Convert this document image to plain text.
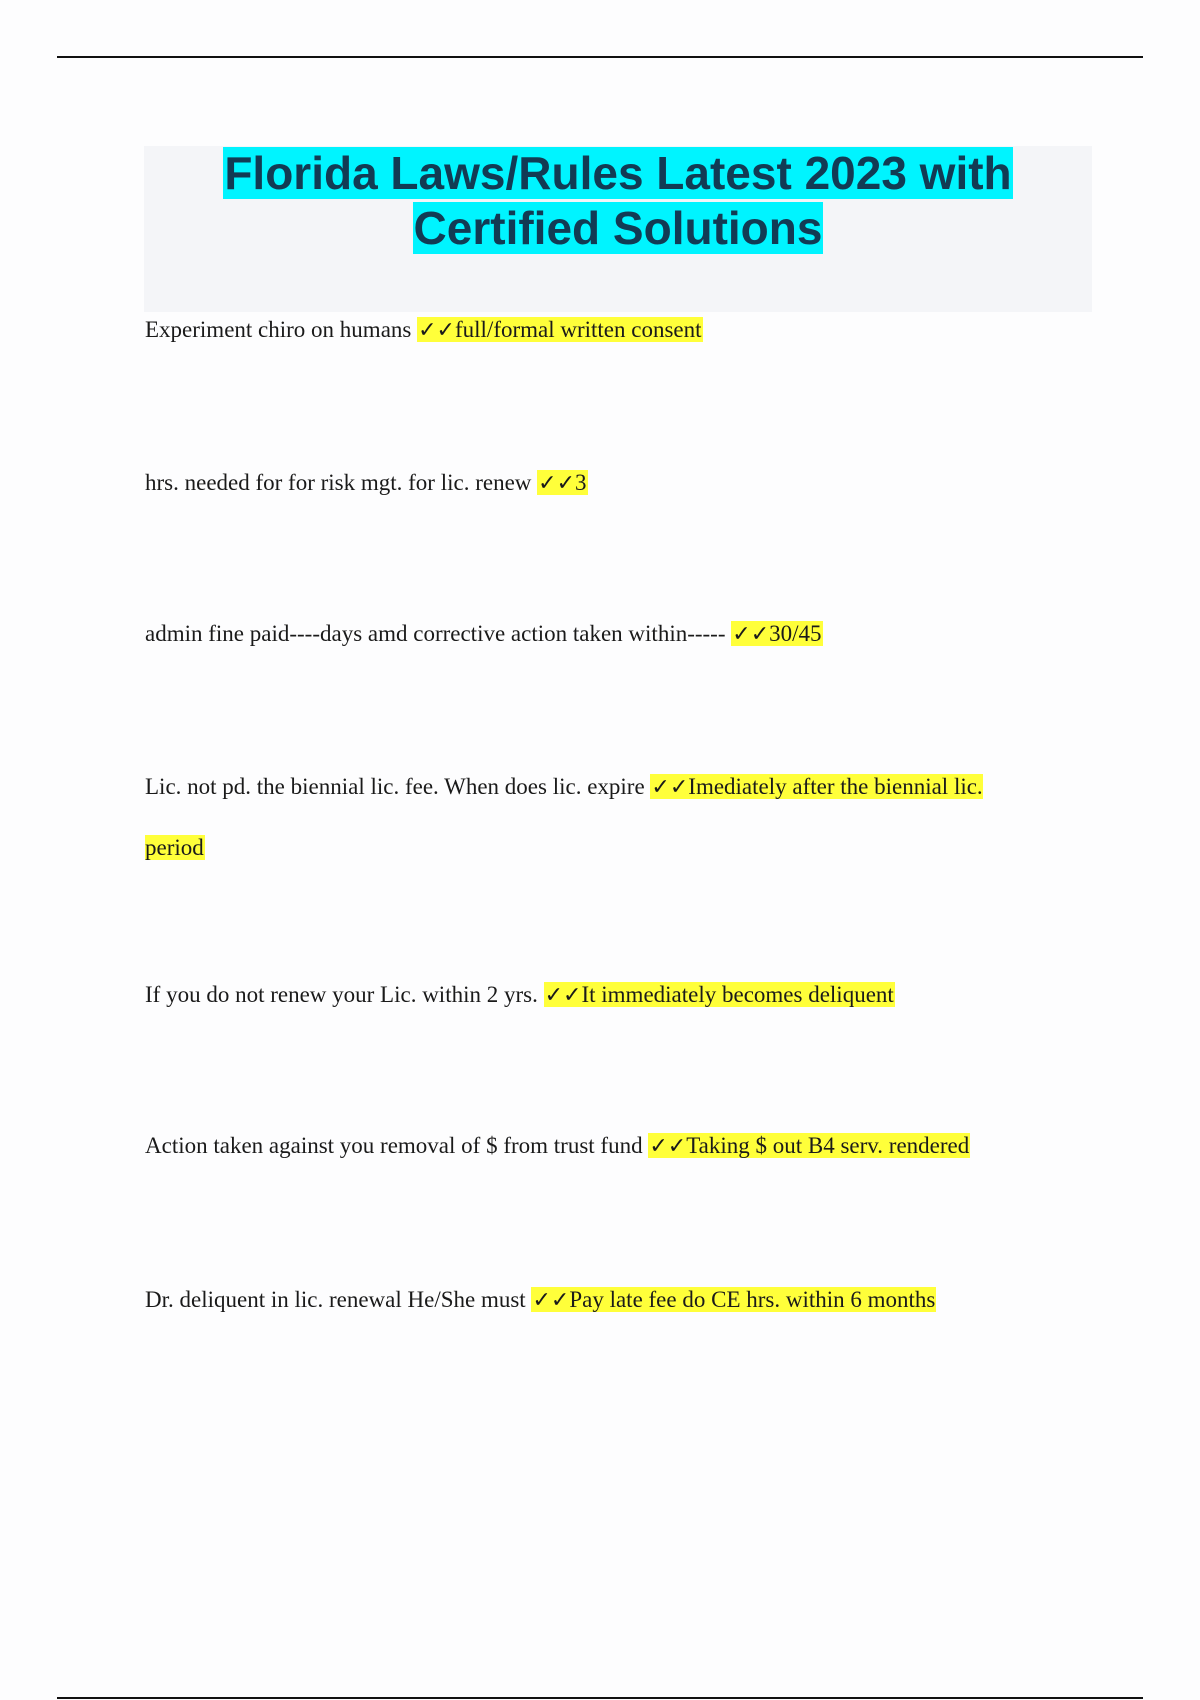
Florida Laws/Rules Latest 2023 with
Certified Solutions

Experiment chiro on humans ✓✓full/formal written consent

hrs. needed for for risk mgt. for lic. renew ✓✓3

admin fine paid----days amd corrective action taken within----- ✓✓30/45

Lic. not pd. the biennial lic. fee. When does lic. expire ✓✓Imediately after the biennial lic. period

If you do not renew your Lic. within 2 yrs. ✓✓It immediately becomes deliquent

Action taken against you removal of $ from trust fund ✓✓Taking $ out B4 serv. rendered

Dr. deliquent in lic. renewal He/She must ✓✓Pay late fee do CE hrs. within 6 months
